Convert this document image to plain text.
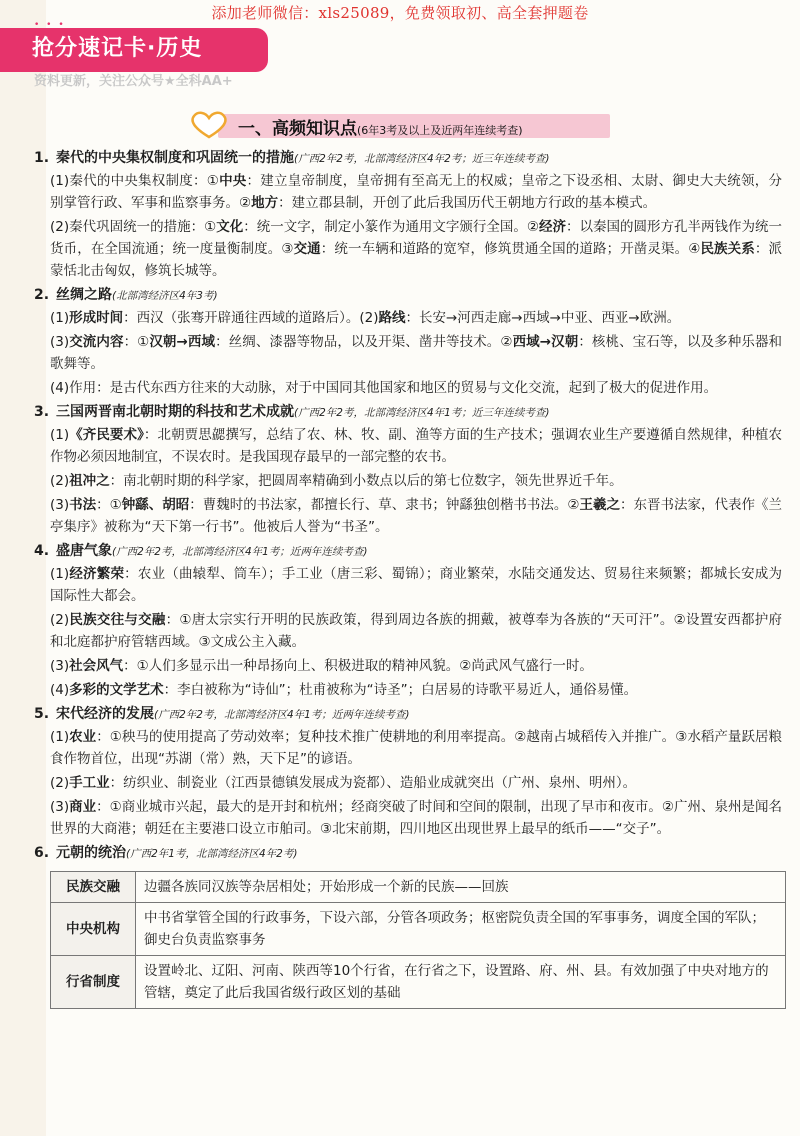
添加老师微信：xls25089，免费领取初、高全套押题卷
• • •
抢分速记卡·历史
资料更新，关注公众号★全科AA+
一、高频知识点(6年3考及以上及近两年连续考查)
1. 秦代的中央集权制度和巩固统一的措施(广西2年2考，北部湾经济区4年2考；近三年连续考查)
(1)秦代的中央集权制度：①中央：建立皇帝制度，皇帝拥有至高无上的权威；皇帝之下设丞相、太尉、御史大夫统领，分别掌管行政、军事和监察事务。②地方：建立郡县制，开创了此后我国历代王朝地方行政的基本模式。
(2)秦代巩固统一的措施：①文化：统一文字，制定小篆作为通用文字颁行全国。②经济：以秦国的圆形方孔半两钱作为统一货币，在全国流通；统一度量衡制度。③交通：统一车辆和道路的宽窄，修筑贯通全国的道路；开凿灵渠。④民族关系：派蒙恬北击匈奴，修筑长城等。
2. 丝绸之路(北部湾经济区4年3考)
(1)形成时间：西汉（张骞开辟通往西域的道路后）。(2)路线：长安→河西走廊→西域→中亚、西亚→欧洲。
(3)交流内容：①汉朝→西域：丝绸、漆器等物品，以及开渠、凿井等技术。②西域→汉朝：核桃、宝石等，以及多种乐器和歌舞等。
(4)作用：是古代东西方往来的大动脉，对于中国同其他国家和地区的贸易与文化交流，起到了极大的促进作用。
3. 三国两晋南北朝时期的科技和艺术成就(广西2年2考，北部湾经济区4年1考；近三年连续考查)
(1)《齐民要术》：北朝贾思勰撰写，总结了农、林、牧、副、渔等方面的生产技术；强调农业生产要遵循自然规律，种植农作物必须因地制宜，不误农时。是我国现存最早的一部完整的农书。
(2)祖冲之：南北朝时期的科学家，把圆周率精确到小数点以后的第七位数字，领先世界近千年。
(3)书法：①钟繇、胡昭：曹魏时的书法家，都擅长行、草、隶书；钟繇独创楷书书法。②王羲之：东晋书法家，代表作《兰亭集序》被称为“天下第一行书”。他被后人誉为“书圣”。
4. 盛唐气象(广西2年2考，北部湾经济区4年1考；近两年连续考查)
(1)经济繁荣：农业（曲辕犁、筒车）；手工业（唐三彩、蜀锦）；商业繁荣，水陆交通发达、贸易往来频繁；都城长安成为国际性大都会。
(2)民族交往与交融：①唐太宗实行开明的民族政策，得到周边各族的拥戴，被尊奉为各族的“天可汗”。②设置安西都护府和北庭都护府管辖西域。③文成公主入藏。
(3)社会风气：①人们多显示出一种昂扬向上、积极进取的精神风貌。②尚武风气盛行一时。
(4)多彩的文学艺术：李白被称为“诗仙”；杜甫被称为“诗圣”；白居易的诗歌平易近人，通俗易懂。
5. 宋代经济的发展(广西2年2考，北部湾经济区4年1考；近两年连续考查)
(1)农业：①秧马的使用提高了劳动效率；复种技术推广使耕地的利用率提高。②越南占城稻传入并推广。③水稻产量跃居粮食作物首位，出现“苏湖（常）熟，天下足”的谚语。
(2)手工业：纺织业、制瓷业（江西景德镇发展成为瓷都）、造船业成就突出（广州、泉州、明州）。
(3)商业：①商业城市兴起，最大的是开封和杭州；经商突破了时间和空间的限制，出现了早市和夜市。②广州、泉州是闻名世界的大商港；朝廷在主要港口设立市舶司。③北宋前期，四川地区出现世界上最早的纸币——“交子”。
6. 元朝的统治(广西2年1考，北部湾经济区4年2考)
民族交融	边疆各族同汉族等杂居相处；开始形成一个新的民族——回族
中央机构	中书省掌管全国的行政事务，下设六部，分管各项政务；枢密院负责全国的军事事务，调度全国的军队；御史台负责监察事务
行省制度	设置岭北、辽阳、河南、陕西等10个行省，在行省之下，设置路、府、州、县。有效加强了中央对地方的管辖，奠定了此后我国省级行政区划的基础
